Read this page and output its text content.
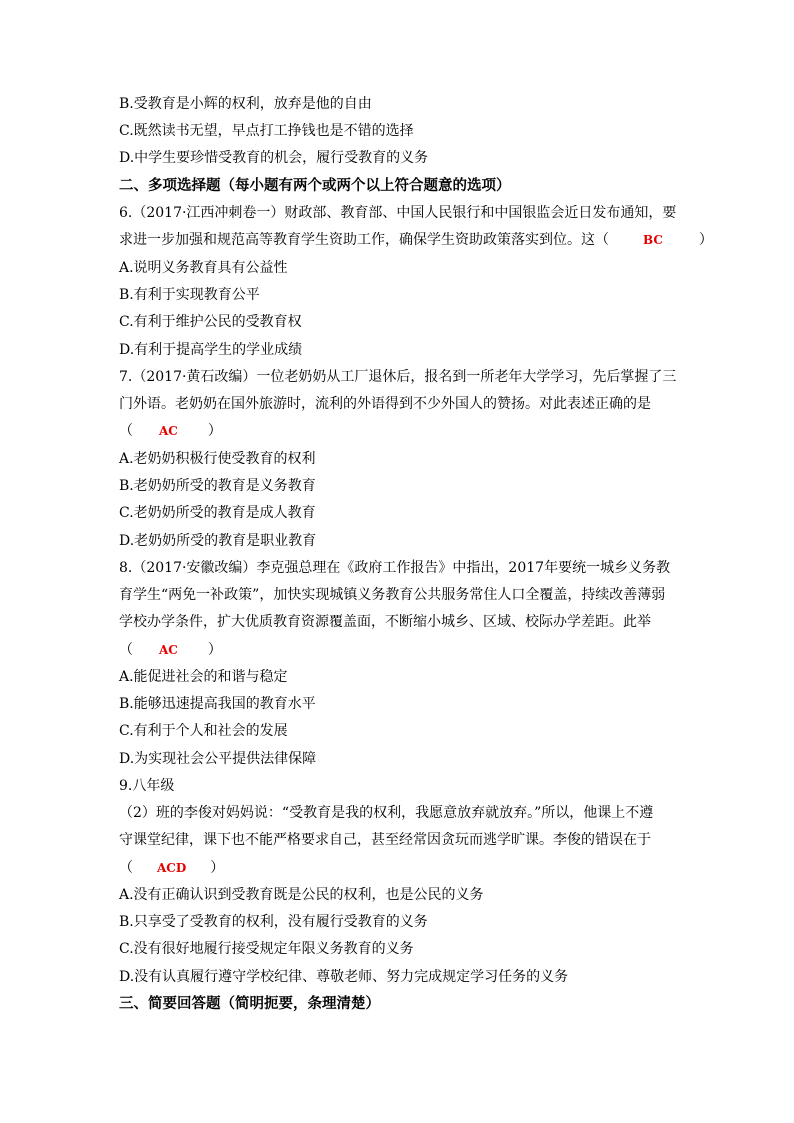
B.受教育是小辉的权利，放弃是他的自由
C.既然读书无望，早点打工挣钱也是不错的选择
D.中学生要珍惜受教育的机会，履行受教育的义务
二、多项选择题（每小题有两个或两个以上符合题意的选项）
6.（2017·江西冲刺卷一）财政部、教育部、中国人民银行和中国银监会近日发布通知，要
求进一步加强和规范高等教育学生资助工作，确保学生资助政策落实到位。这（	BC	）
A.说明义务教育具有公益性
B.有利于实现教育公平
C.有利于维护公民的受教育权
D.有利于提高学生的学业成绩
7.（2017·黄石改编）一位老奶奶从工厂退休后，报名到一所老年大学学习，先后掌握了三
门外语。老奶奶在国外旅游时，流利的外语得到不少外国人的赞扬。对此表述正确的是
（ AC ）
A.老奶奶积极行使受教育的权利
B.老奶奶所受的教育是义务教育
C.老奶奶所受的教育是成人教育
D.老奶奶所受的教育是职业教育
8.（2017·安徽改编）李克强总理在《政府工作报告》中指出，2017年要统一城乡义务教
育学生“两免一补政策”，加快实现城镇义务教育公共服务常住人口全覆盖，持续改善薄弱
学校办学条件，扩大优质教育资源覆盖面，不断缩小城乡、区域、校际办学差距。此举
（ AC ）
A.能促进社会的和谐与稳定
B.能够迅速提高我国的教育水平
C.有利于个人和社会的发展
D.为实现社会公平提供法律保障
9.八年级
（2）班的李俊对妈妈说：“受教育是我的权利，我愿意放弃就放弃。”所以，他课上不遵
守课堂纪律，课下也不能严格要求自己，甚至经常因贪玩而逃学旷课。李俊的错误在于
（ ACD ）
A.没有正确认识到受教育既是公民的权利，也是公民的义务
B.只享受了受教育的权利，没有履行受教育的义务
C.没有很好地履行接受规定年限义务教育的义务
D.没有认真履行遵守学校纪律、尊敬老师、努力完成规定学习任务的义务
三、简要回答题（简明扼要，条理清楚）
